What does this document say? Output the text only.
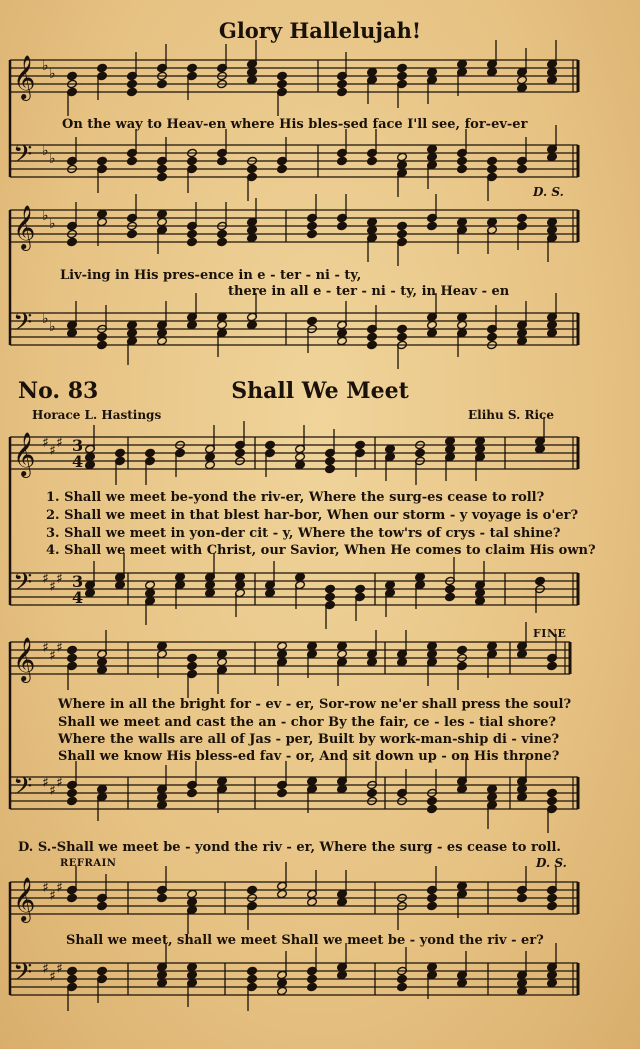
Glory Hallelujah!
𝄞 ♭ ♭
𝄢 ♭ ♭
𝄞 ♭ ♭
𝄢 ♭ ♭
𝄞 ♯ ♯ ♯ 3
4
𝄢 ♯ ♯ ♯ 3
4
𝄞 ♯ ♯ ♯
𝄢 ♯ ♯ ♯
𝄞 ♯ ♯ ♯
𝄢 ♯ ♯ ♯
On the way to Heav-en where His bles-sed face I'll see, for-ev-er
D. S.
Liv-ing in His pres-ence in e - ter - ni - ty,
there in all e - ter - ni - ty, in Heav - en
No. 83	Shall We Meet
Horace L. Hastings	Elihu S. Rice
1. Shall we meet be-yond the riv-er, Where the surg-es cease to roll?
2. Shall we meet in that blest har-bor, When our storm - y voyage is o'er?
3. Shall we meet in yon-der cit - y, Where the tow'rs of crys - tal shine?
4. Shall we meet with Christ, our Savior, When He comes to claim His own?
FINE
Where in all the bright for - ev - er, Sor-row ne'er shall press the soul?
Shall we meet and cast the an - chor By the fair, ce - les - tial shore?
Where the walls are all of Jas - per, Built by work-man-ship di - vine?
Shall we know His bless-ed fav - or, And sit down up - on His throne?
D. S.-Shall we meet be - yond the riv - er, Where the surg - es cease to roll.
REFRAIN	D. S.
Shall we meet, shall we meet Shall we meet be - yond the riv - er?
